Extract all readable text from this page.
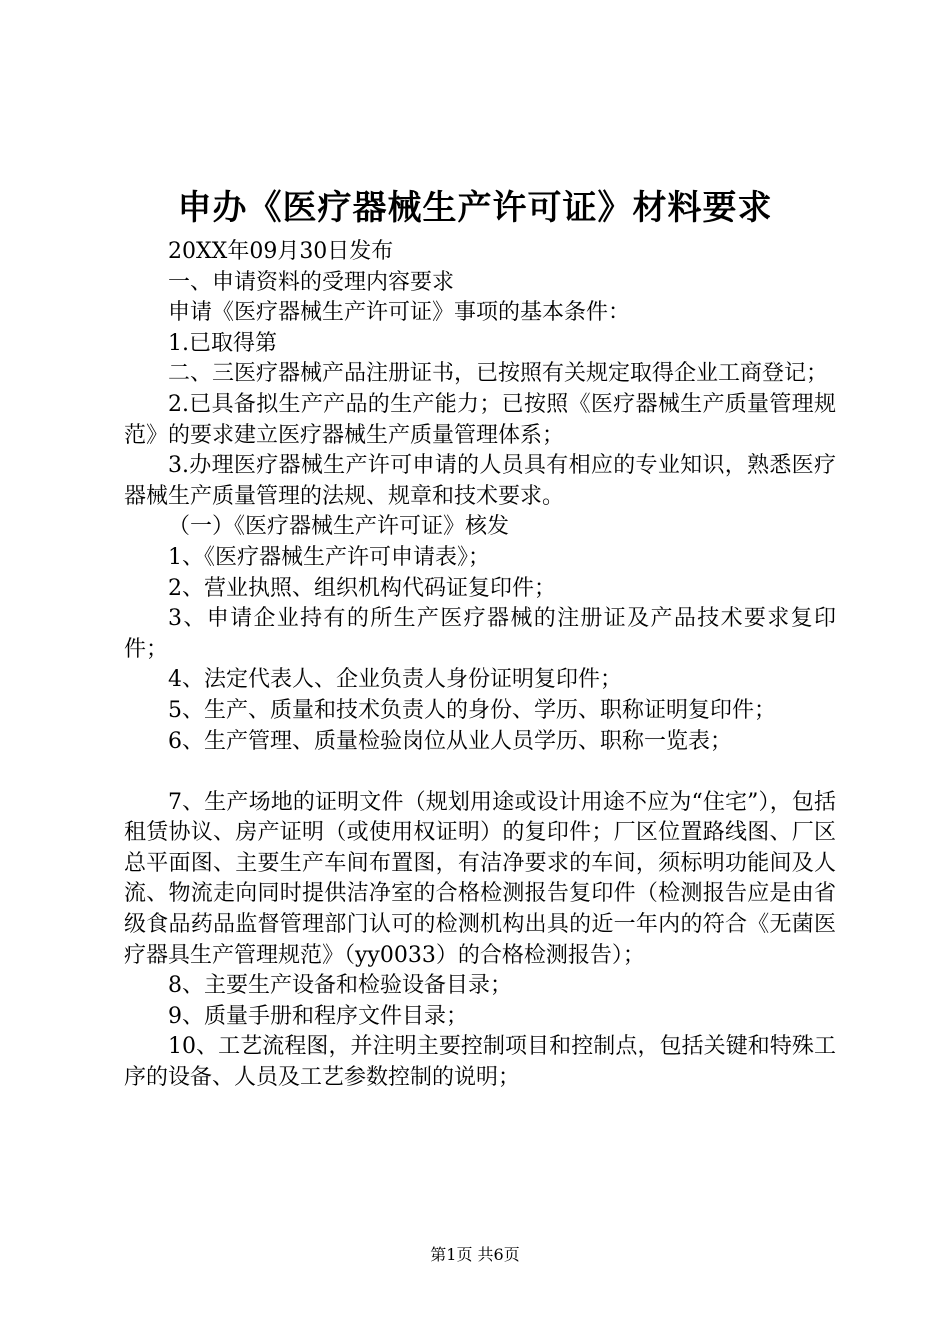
申办《医疗器械生产许可证》材料要求

20XX年09月30日发布

一、申请资料的受理内容要求

申请《医疗器械生产许可证》事项的基本条件：

1.已取得第

二、三医疗器械产品注册证书，已按照有关规定取得企业工商登记；

2.已具备拟生产产品的生产能力；已按照《医疗器械生产质量管理规范》的要求建立医疗器械生产质量管理体系；

3.办理医疗器械生产许可申请的人员具有相应的专业知识，熟悉医疗器械生产质量管理的法规、规章和技术要求。

（一）《医疗器械生产许可证》核发

1、《医疗器械生产许可申请表》；

2、营业执照、组织机构代码证复印件；

3、申请企业持有的所生产医疗器械的注册证及产品技术要求复印件；

4、法定代表人、企业负责人身份证明复印件；

5、生产、质量和技术负责人的身份、学历、职称证明复印件；

6、生产管理、质量检验岗位从业人员学历、职称一览表；

7、生产场地的证明文件（规划用途或设计用途不应为“住宅”），包括租赁协议、房产证明（或使用权证明）的复印件；厂区位置路线图、厂区总平面图、主要生产车间布置图，有洁净要求的车间，须标明功能间及人流、物流走向同时提供洁净室的合格检测报告复印件（检测报告应是由省级食品药品监督管理部门认可的检测机构出具的近一年内的符合《无菌医疗器具生产管理规范》（yy0033）的合格检测报告）；

8、主要生产设备和检验设备目录；

9、质量手册和程序文件目录；

10、工艺流程图，并注明主要控制项目和控制点，包括关键和特殊工序的设备、人员及工艺参数控制的说明；

第1页 共6页
